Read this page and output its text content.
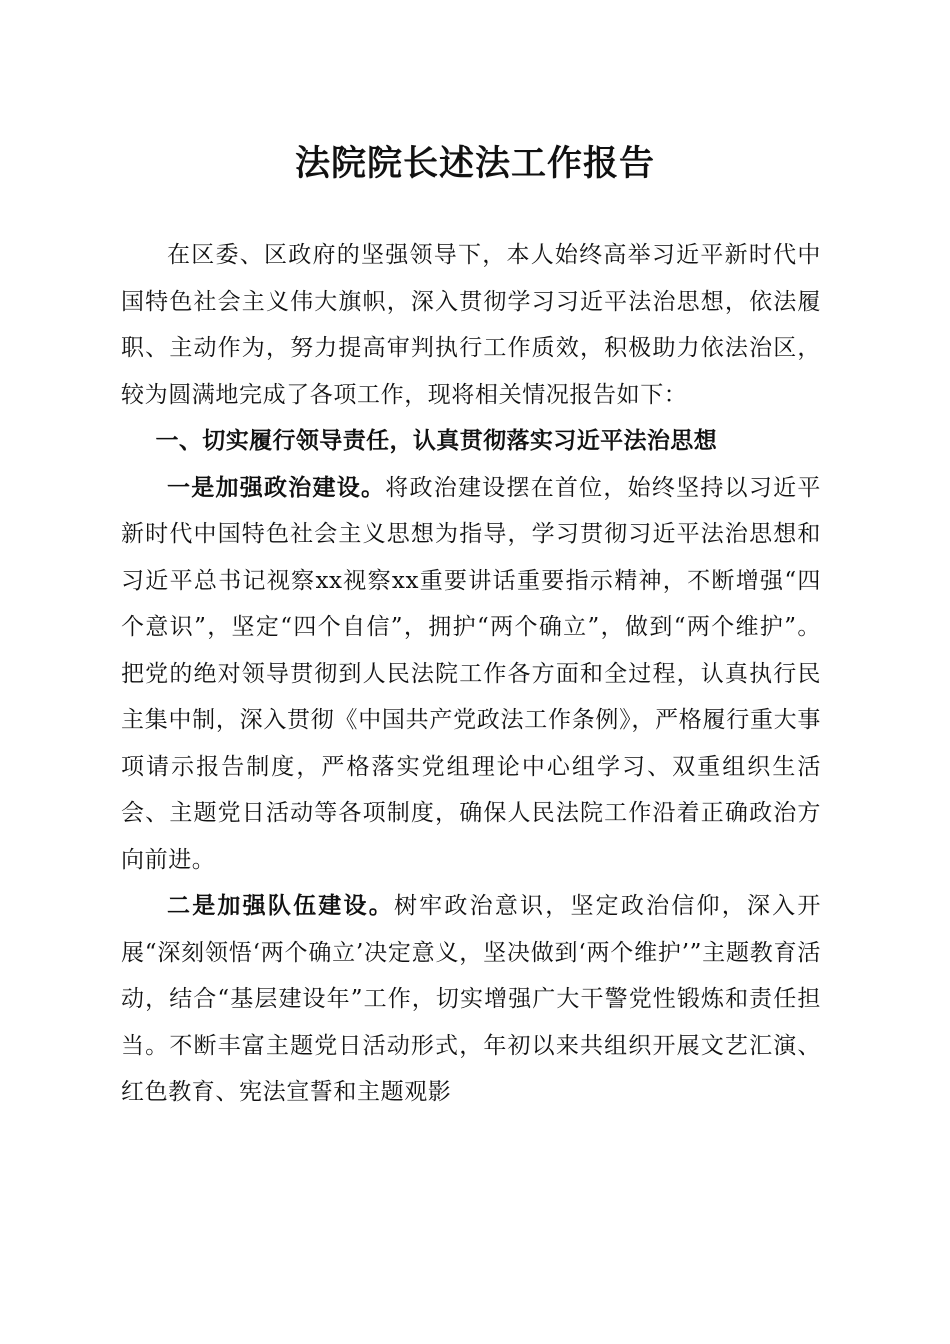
法院院长述法工作报告

在区委、区政府的坚强领导下，本人始终高举习近平新时代中国特色社会主义伟大旗帜，深入贯彻学习习近平法治思想，依法履职、主动作为，努力提高审判执行工作质效，积极助力依法治区，较为圆满地完成了各项工作，现将相关情况报告如下：

一、切实履行领导责任，认真贯彻落实习近平法治思想

一是加强政治建设。将政治建设摆在首位，始终坚持以习近平新时代中国特色社会主义思想为指导，学习贯彻习近平法治思想和习近平总书记视察xx视察xx重要讲话重要指示精神，不断增强“四个意识”，坚定“四个自信”，拥护“两个确立”，做到“两个维护”。把党的绝对领导贯彻到人民法院工作各方面和全过程，认真执行民主集中制，深入贯彻《中国共产党政法工作条例》，严格履行重大事项请示报告制度，严格落实党组理论中心组学习、双重组织生活会、主题党日活动等各项制度，确保人民法院工作沿着正确政治方向前进。

二是加强队伍建设。树牢政治意识，坚定政治信仰，深入开展“深刻领悟‘两个确立’决定意义，坚决做到‘两个维护’”主题教育活动，结合“基层建设年”工作，切实增强广大干警党性锻炼和责任担当。不断丰富主题党日活动形式，年初以来共组织开展文艺汇演、红色教育、宪法宣誓和主题观影
